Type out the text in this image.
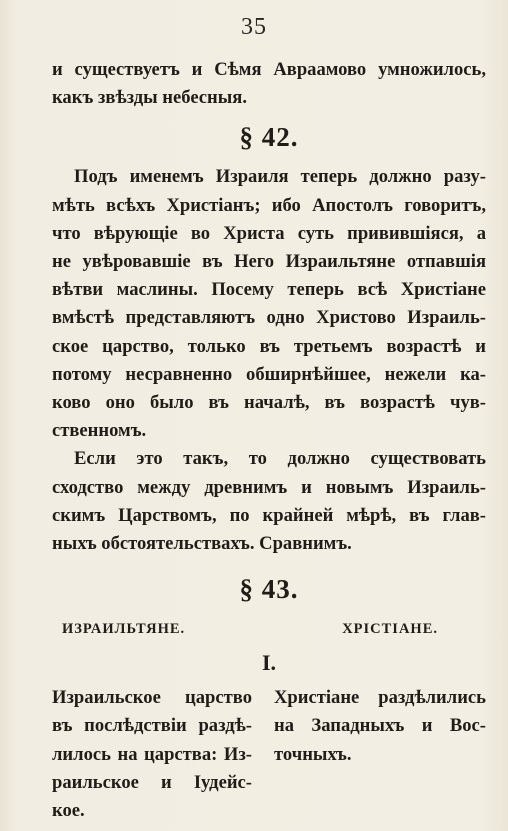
35
и существуетъ и Сѣмя Авраамово умножилось,
какъ звѣзды небесныя.
§ 42.
Подъ именемъ Израиля теперь должно разу-
мѣть всѣхъ Христіанъ; ибо Апостолъ говоритъ,
что вѣрующіе во Христа суть привившіяся, а
не увѣровавшіе въ Него Израильтяне отпавшія
вѣтви маслины. Посему теперь всѣ Христіане
вмѣстѣ представляютъ одно Христово Израиль-
ское царство, только въ третьемъ возрастѣ и
потому несравненно обширнѣйшее, нежели ка-
ково оно было въ началѣ, въ возрастѣ чув-
ственномъ.
Если это такъ, то должно существовать
сходство между древнимъ и новымъ Израиль-
скимъ Царствомъ, по крайней мѣрѣ, въ глав-
ныхъ обстоятельствахъ. Сравнимъ.
§ 43.
ИЗРАИЛЬТЯНЕ.	ХРІСТІАНЕ.
I.
Израильское царство
въ послѣдствіи раздѣ-
лилось на царства: Из-
раильское и Іудейс-
кое.
Христіане раздѣлились
на Западныхъ и Вос-
точныхъ.
